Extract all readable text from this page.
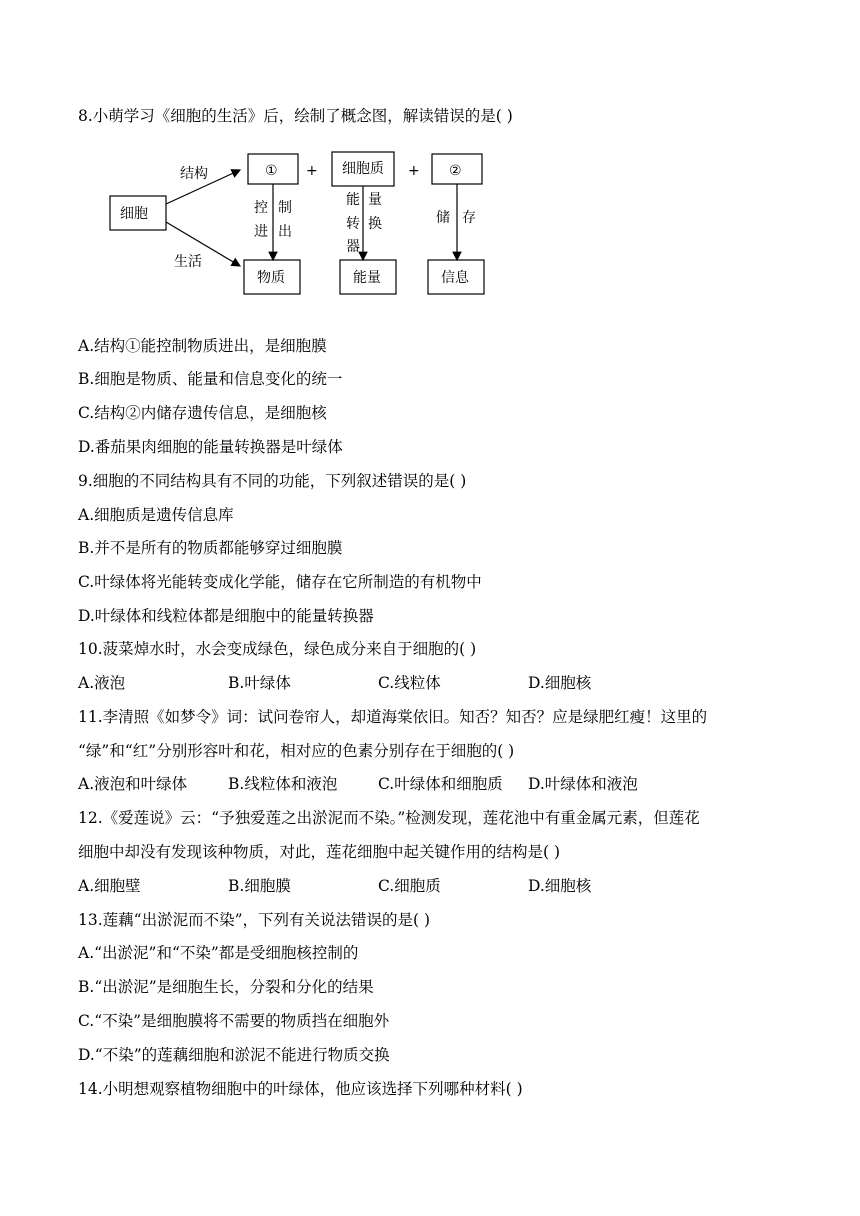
8.小萌学习《细胞的生活》后，绘制了概念图，解读错误的是( )
细胞
结构
生活
① + 细胞质 + ②
控
进
制
出
能 量
转 换
器
储 存
物质	能量	信息
A.结构①能控制物质进出，是细胞膜
B.细胞是物质、能量和信息变化的统一
C.结构②内储存遗传信息，是细胞核
D.番茄果肉细胞的能量转换器是叶绿体
9.细胞的不同结构具有不同的功能，下列叙述错误的是( )
A.细胞质是遗传信息库
B.并不是所有的物质都能够穿过细胞膜
C.叶绿体将光能转变成化学能，储存在它所制造的有机物中
D.叶绿体和线粒体都是细胞中的能量转换器
10.菠菜焯水时，水会变成绿色，绿色成分来自于细胞的( )
A.液泡	B.叶绿体	C.线粒体	D.细胞核
11.李清照《如梦令》词：试问卷帘人，却道海棠依旧。知否？知否？应是绿肥红瘦！这里的
“绿”和“红”分别形容叶和花，相对应的色素分别存在于细胞的( )
A.液泡和叶绿体	B.线粒体和液泡	C.叶绿体和细胞质 D.叶绿体和液泡
12.《爱莲说》云：“予独爱莲之出淤泥而不染。”检测发现，莲花池中有重金属元素，但莲花
细胞中却没有发现该种物质，对此，莲花细胞中起关键作用的结构是( )
A.细胞壁	B.细胞膜	C.细胞质	D.细胞核
13.莲藕“出淤泥而不染”，下列有关说法错误的是( )
A.“出淤泥”和“不染”都是受细胞核控制的
B.“出淤泥”是细胞生长，分裂和分化的结果
C.“不染”是细胞膜将不需要的物质挡在细胞外
D.“不染”的莲藕细胞和淤泥不能进行物质交换
14.小明想观察植物细胞中的叶绿体，他应该选择下列哪种材料( )
